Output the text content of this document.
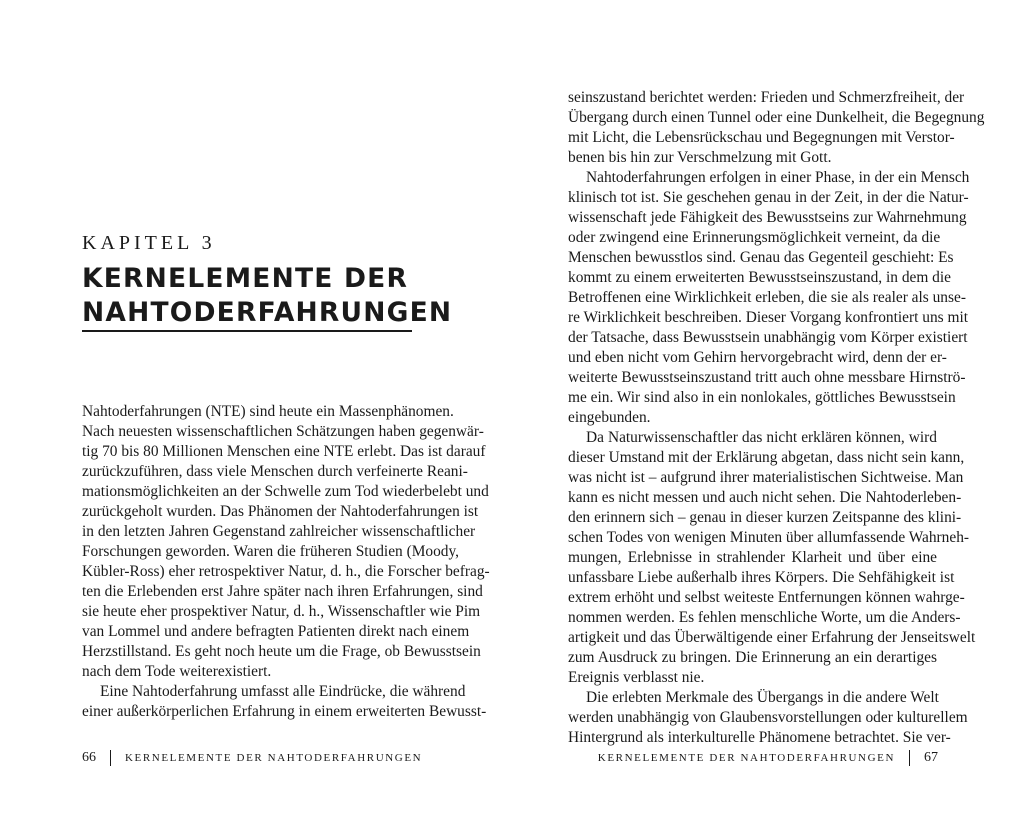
KAPITEL 3
KERNELEMENTE DER
NAHTODERFAHRUNGEN
Nahtoderfahrungen (NTE) sind heute ein Massenphänomen.
Nach neuesten wissenschaftlichen Schätzungen haben gegenwär-
tig 70 bis 80 Millionen Menschen eine NTE erlebt. Das ist darauf
zurückzuführen, dass viele Menschen durch verfeinerte Reani-
mationsmöglichkeiten an der Schwelle zum Tod wiederbelebt und
zurückgeholt wurden. Das Phänomen der Nahtoderfahrungen ist
in den letzten Jahren Gegenstand zahlreicher wissenschaftlicher
Forschungen geworden. Waren die früheren Studien (Moody,
Kübler-Ross) eher retrospektiver Natur, d. h., die Forscher befrag-
ten die Erlebenden erst Jahre später nach ihren Erfahrungen, sind
sie heute eher prospektiver Natur, d. h., Wissenschaftler wie Pim
van Lommel und andere befragten Patienten direkt nach einem
Herzstillstand. Es geht noch heute um die Frage, ob Bewusstsein
nach dem Tode weiterexistiert.
Eine Nahtoderfahrung umfasst alle Eindrücke, die während
einer außerkörperlichen Erfahrung in einem erweiterten Bewusst-
seinszustand berichtet werden: Frieden und Schmerzfreiheit, der
Übergang durch einen Tunnel oder eine Dunkelheit, die Begegnung
mit Licht, die Lebensrückschau und Begegnungen mit Verstor-
benen bis hin zur Verschmelzung mit Gott.
Nahtoderfahrungen erfolgen in einer Phase, in der ein Mensch
klinisch tot ist. Sie geschehen genau in der Zeit, in der die Natur-
wissenschaft jede Fähigkeit des Bewusstseins zur Wahrnehmung
oder zwingend eine Erinnerungsmöglichkeit verneint, da die
Menschen bewusstlos sind. Genau das Gegenteil geschieht: Es
kommt zu einem erweiterten Bewusstseinszustand, in dem die
Betroffenen eine Wirklichkeit erleben, die sie als realer als unse-
re Wirklichkeit beschreiben. Dieser Vorgang konfrontiert uns mit
der Tatsache, dass Bewusstsein unabhängig vom Körper existiert
und eben nicht vom Gehirn hervorgebracht wird, denn der er-
weiterte Bewusstseinszustand tritt auch ohne messbare Hirnströ-
me ein. Wir sind also in ein nonlokales, göttliches Bewusstsein
eingebunden.
Da Naturwissenschaftler das nicht erklären können, wird
dieser Umstand mit der Erklärung abgetan, dass nicht sein kann,
was nicht ist – aufgrund ihrer materialistischen Sichtweise. Man
kann es nicht messen und auch nicht sehen. Die Nahtoderleben-
den erinnern sich – genau in dieser kurzen Zeitspanne des klini-
schen Todes von wenigen Minuten über allumfassende Wahrneh-
mungen, Erlebnisse in strahlender Klarheit und über eine
unfassbare Liebe außerhalb ihres Körpers. Die Sehfähigkeit ist
extrem erhöht und selbst weiteste Entfernungen können wahrge-
nommen werden. Es fehlen menschliche Worte, um die Anders-
artigkeit und das Überwältigende einer Erfahrung der Jenseitswelt
zum Ausdruck zu bringen. Die Erinnerung an ein derartiges
Ereignis verblasst nie.
Die erlebten Merkmale des Übergangs in die andere Welt
werden unabhängig von Glaubensvorstellungen oder kulturellem
Hintergrund als interkulturelle Phänomene betrachtet. Sie ver-
66	KERNELEMENTE DER NAHTODERFAHRUNGEN	KERNELEMENTE DER NAHTODERFAHRUNGEN 67
